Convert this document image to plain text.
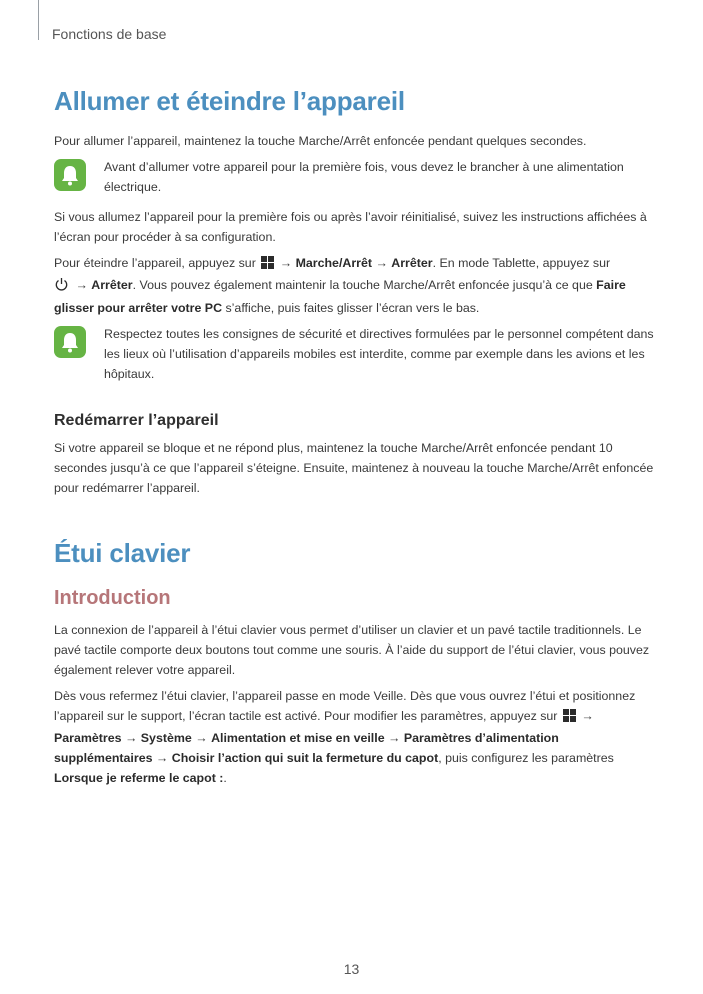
Fonctions de base
Allumer et éteindre l’appareil

Pour allumer l’appareil, maintenez la touche Marche/Arrêt enfoncée pendant quelques secondes.

Avant d’allumer votre appareil pour la première fois, vous devez le brancher à une alimentation électrique.

Si vous allumez l’appareil pour la première fois ou après l’avoir réinitialisé, suivez les instructions affichées à l’écran pour procéder à sa configuration.

Pour éteindre l’appareil, appuyez sur  → Marche/Arrêt → Arrêter. En mode Tablette, appuyez sur
→ Arrêter. Vous pouvez également maintenir la touche Marche/Arrêt enfoncée jusqu’à ce que Faire glisser pour arrêter votre PC s’affiche, puis faites glisser l’écran vers le bas.

Respectez toutes les consignes de sécurité et directives formulées par le personnel compétent dans les lieux où l’utilisation d’appareils mobiles est interdite, comme par exemple dans les avions et les hôpitaux.

Redémarrer l’appareil

Si votre appareil se bloque et ne répond plus, maintenez la touche Marche/Arrêt enfoncée pendant 10 secondes jusqu’à ce que l’appareil s’éteigne. Ensuite, maintenez à nouveau la touche Marche/Arrêt enfoncée pour redémarrer l’appareil.

Étui clavier
Introduction

La connexion de l’appareil à l’étui clavier vous permet d’utiliser un clavier et un pavé tactile traditionnels. Le pavé tactile comporte deux boutons tout comme une souris. À l’aide du support de l’étui clavier, vous pouvez également relever votre appareil.

Dès vous refermez l’étui clavier, l’appareil passe en mode Veille. Dès que vous ouvrez l’étui et positionnez l’appareil sur le support, l’écran tactile est activé. Pour modifier les paramètres, appuyez sur  → Paramètres → Système → Alimentation et mise en veille → Paramètres d’alimentation supplémentaires → Choisir l’action qui suit la fermeture du capot, puis configurez les paramètres Lorsque je referme le capot :.

13
